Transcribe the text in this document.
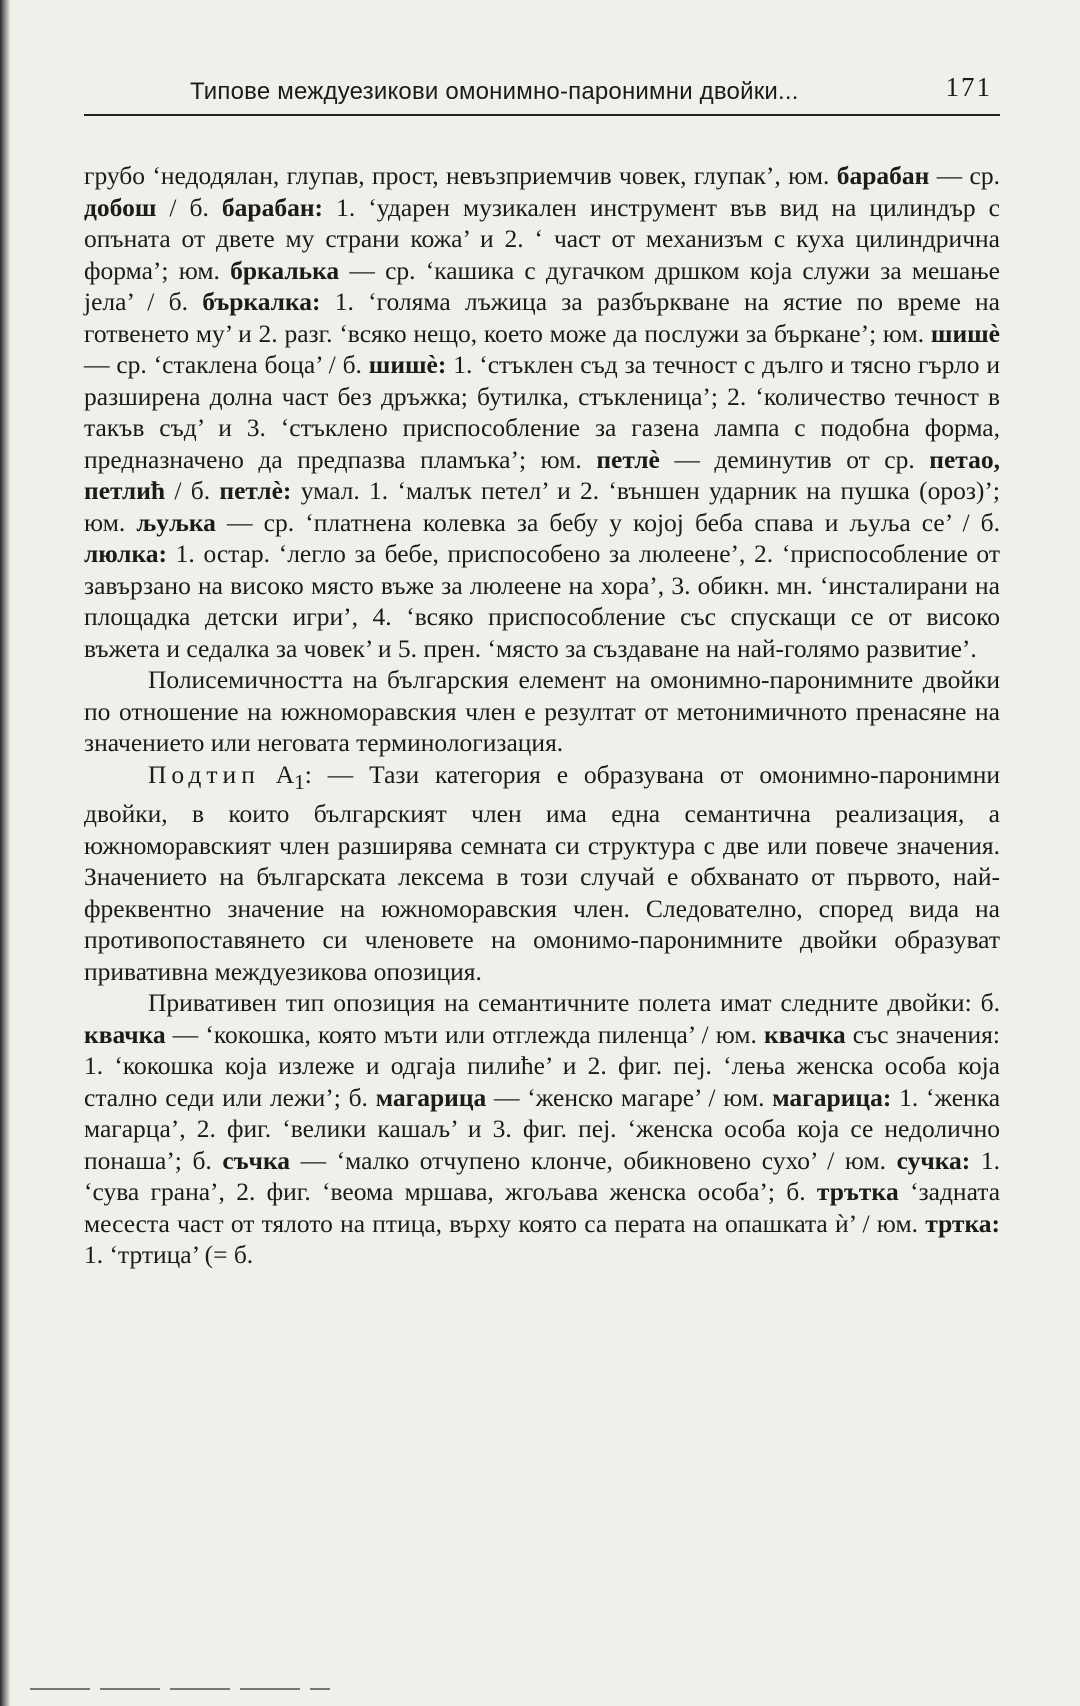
Типове междуезикови омонимно-паронимни двойки...	171

грубо ‘недодялан, глупав, прост, невъзприемчив човек, глупак’, юм. барабан — ср. добош / б. барабан: 1. ‘ударен музикален инструмент във вид на цилиндър с опъната от двете му страни кожа’ и 2. ‘ част от механизъм с куха цилиндрична форма’; юм. бркалька — ср. ‘кашика с дугачком дршком која служи за мешање јела’ / б. бъркалка: 1. ‘голяма лъжица за разбъркване на ястие по време на готвенето му’ и 2. разг. ‘всяко нещо, което може да послужи за бъркане’; юм. шишѐ — ср. ‘стаклена боца’ / б. шишѐ: 1. ‘стъклен съд за течност с дълго и тясно гърло и разширена долна част без дръжка; бутилка, стъкленица’; 2. ‘количество течност в такъв съд’ и 3. ‘стъклено приспособление за газена лампа с подобна форма, предназначено да предпазва пламъка’; юм. петлѐ — деминутив от ср. петао, петлић / б. петлѐ: умал. 1. ‘малък петел’ и 2. ‘външен ударник на пушка (ороз)’; юм. љуљка — ср. ‘платнена колевка за бебу у којој беба спава и љуља се’ / б. люлка: 1. остар. ‘легло за бебе, приспособено за люлеене’, 2. ‘приспособление от завързано на високо място въже за люлеене на хора’, 3. обикн. мн. ‘инсталирани на площадка детски игри’, 4. ‘всяко приспособление със спускащи се от високо въжета и седалка за човек’ и 5. прен. ‘място за създаване на най-голямо развитие’.

Полисемичността на българския елемент на омонимно-паронимните двойки по отношение на южноморавския член е резултат от метонимичното пренасяне на значението или неговата терминологизация.

Подтип $А_1$: — Тази категория е образувана от омонимно-паронимни двойки, в които българският член има една семантична реализация, а южноморавският член разширява семната си структура с две или повече значения. Значението на българската лексема в този случай е обхванато от първото, най-фреквентно значение на южноморавския член. Следователно, според вида на противопоставянето си членовете на омонимо-паронимните двойки образуват привативна междуезикова опозиция.

Привативен тип опозиция на семантичните полета имат следните двойки: б. квачка — ‘кокошка, която мъти или отглежда пиленца’ / юм. квачка със значения: 1. ‘кокошка која излеже и одгаја пилиће’ и 2. фиг. пеј. ‘лења женска особа која стално седи или лежи’; б. магарица — ‘женско магаре’ / юм. магарица: 1. ‘женка магарца’, 2. фиг. ‘велики кашаљ’ и 3. фиг. пеј. ‘женска особа која се недолично понаша’; б. съчка — ‘малко отчупено клонче, обикновено сухо’ / юм. сучка: 1. ‘сува грана’, 2. фиг. ‘веома мршава, жгољава женска особа’; б. тръткa ‘задната месеста част от тялото на птица, върху която са перата на опашката ѝ’ / юм. тртка: 1. ‘тртица’ (= б.
